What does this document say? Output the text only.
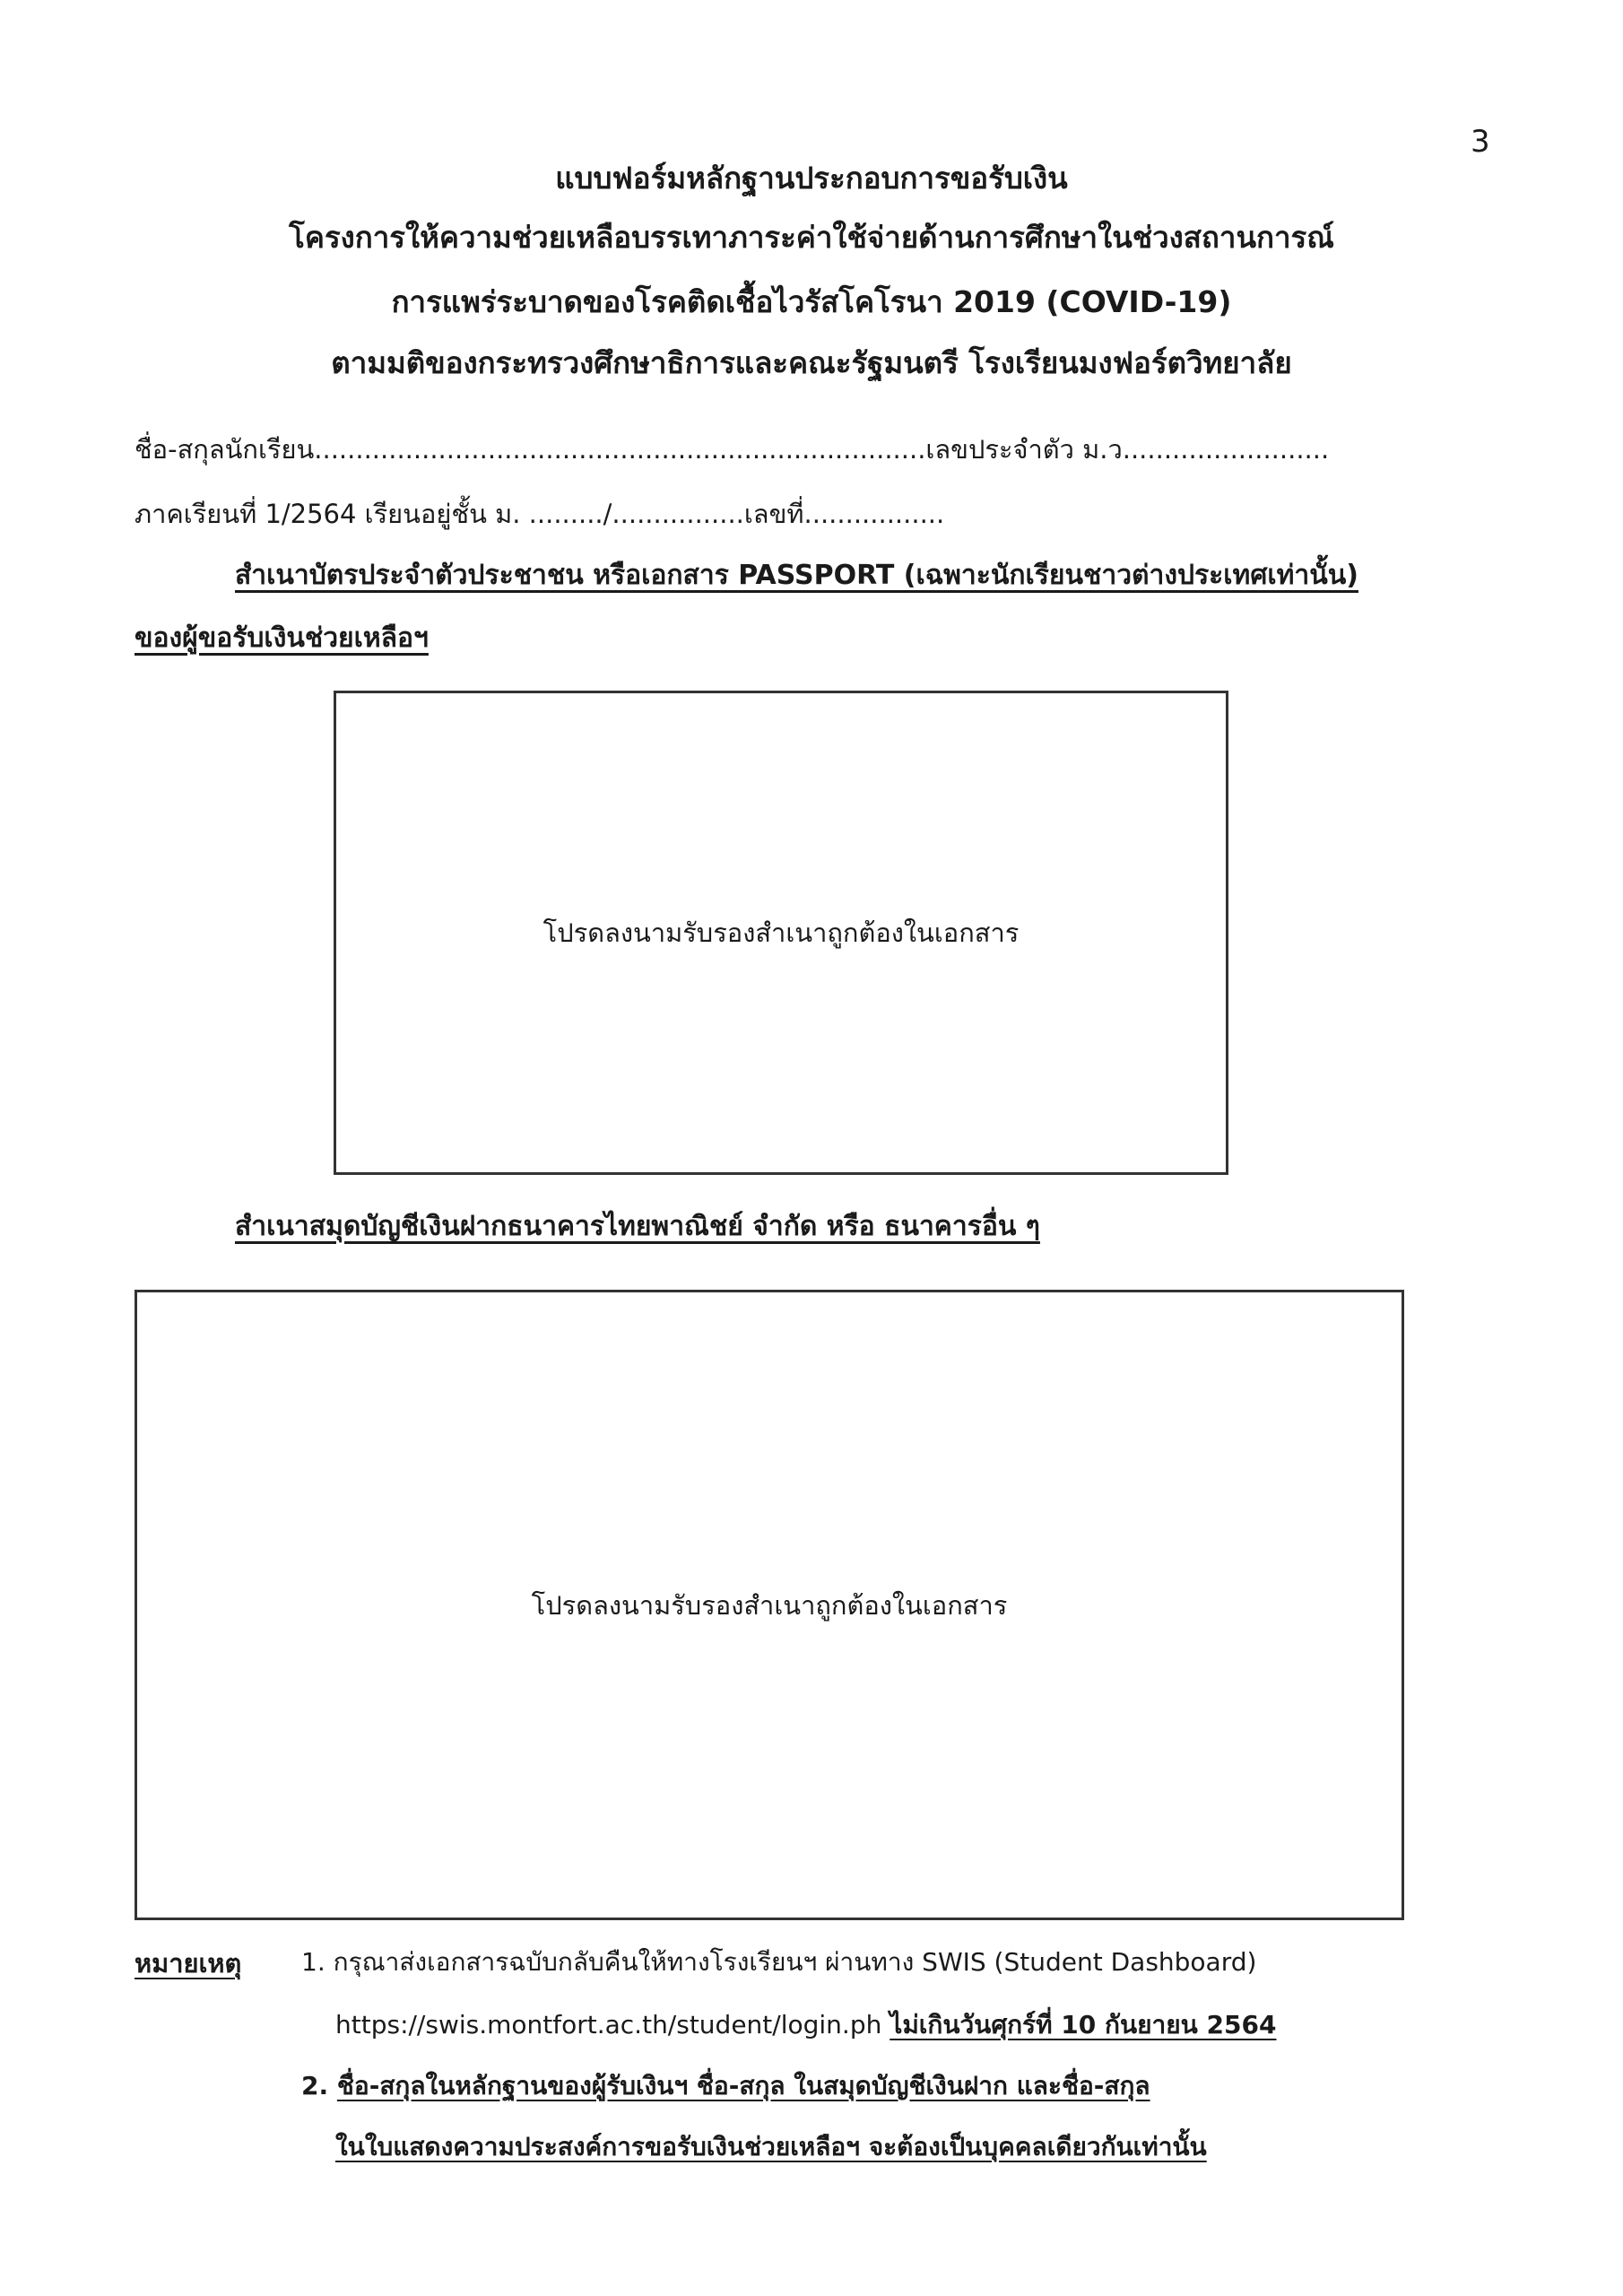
3
แบบฟอร์มหลักฐานประกอบการขอรับเงิน
โครงการให้ความช่วยเหลือบรรเทาภาระค่าใช้จ่ายด้านการศึกษาในช่วงสถานการณ์
การแพร่ระบาดของโรคติดเชื้อไวรัสโคโรนา 2019 (COVID-19)
ตามมติของกระทรวงศึกษาธิการและคณะรัฐมนตรี โรงเรียนมงฟอร์ตวิทยาลัย
ชื่อ-สกุลนักเรียน..........................................................................เลขประจำตัว ม.ว.........................
ภาคเรียนที่ 1/2564 เรียนอยู่ชั้น ม. ........./................เลขที่.................
สำเนาบัตรประจำตัวประชาชน หรือเอกสาร PASSPORT (เฉพาะนักเรียนชาวต่างประเทศเท่านั้น)
ของผู้ขอรับเงินช่วยเหลือฯ
โปรดลงนามรับรองสำเนาถูกต้องในเอกสาร
สำเนาสมุดบัญชีเงินฝากธนาคารไทยพาณิชย์ จำกัด หรือ ธนาคารอื่น ๆ
โปรดลงนามรับรองสำเนาถูกต้องในเอกสาร
หมายเหตุ 1. กรุณาส่งเอกสารฉบับกลับคืนให้ทางโรงเรียนฯ ผ่านทาง SWIS (Student Dashboard)
https://swis.montfort.ac.th/student/login.ph ไม่เกินวันศุกร์ที่ 10 กันยายน 2564
2. ชื่อ-สกุลในหลักฐานของผู้รับเงินฯ ชื่อ-สกุล ในสมุดบัญชีเงินฝาก และชื่อ-สกุล
ในใบแสดงความประสงค์การขอรับเงินช่วยเหลือฯ จะต้องเป็นบุคคลเดียวกันเท่านั้น
